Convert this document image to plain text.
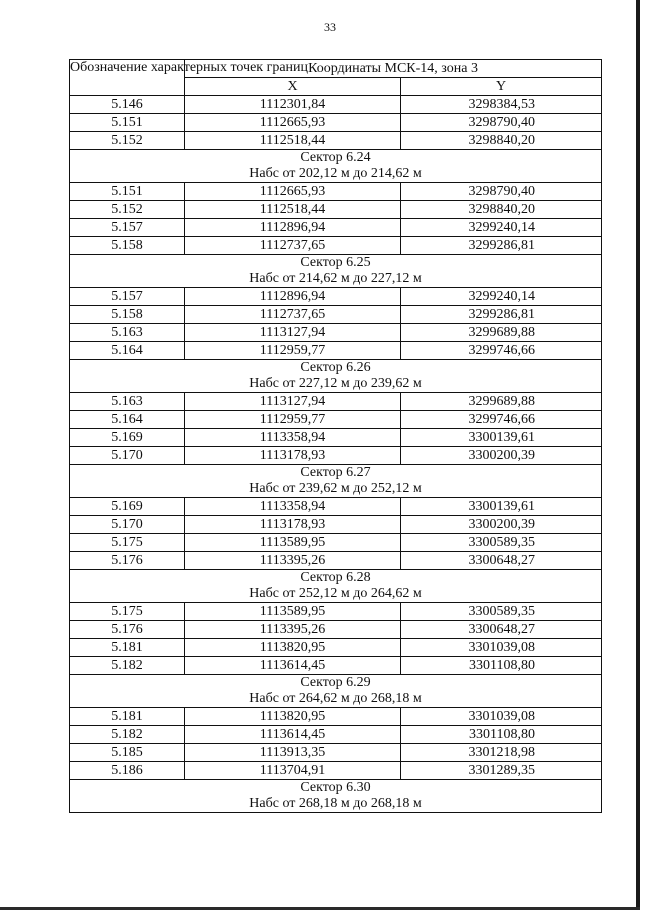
33
Обозначение характерных точек границ	Координаты МСК-14, зона 3	
	X	Y
5.146	1112301,84	3298384,53
5.151	1112665,93	3298790,40
5.152	1112518,44	3298840,20

Сектор 6.24
Набс от 202,12 м до 214,62 м		

5.151	1112665,93	3298790,40
5.152	1112518,44	3298840,20
5.157	1112896,94	3299240,14
5.158	1112737,65	3299286,81

Сектор 6.25
Набс от 214,62 м до 227,12 м		

5.157	1112896,94	3299240,14
5.158	1112737,65	3299286,81
5.163	1113127,94	3299689,88
5.164	1112959,77	3299746,66

Сектор 6.26
Набс от 227,12 м до 239,62 м		

5.163	1113127,94	3299689,88
5.164	1112959,77	3299746,66
5.169	1113358,94	3300139,61
5.170	1113178,93	3300200,39

Сектор 6.27
Набс от 239,62 м до 252,12 м		

5.169	1113358,94	3300139,61
5.170	1113178,93	3300200,39
5.175	1113589,95	3300589,35
5.176	1113395,26	3300648,27

Сектор 6.28
Набс от 252,12 м до 264,62 м		

5.175	1113589,95	3300589,35
5.176	1113395,26	3300648,27
5.181	1113820,95	3301039,08
5.182	1113614,45	3301108,80

Сектор 6.29
Набс от 264,62 м до 268,18 м		

5.181	1113820,95	3301039,08
5.182	1113614,45	3301108,80
5.185	1113913,35	3301218,98
5.186	1113704,91	3301289,35

Сектор 6.30
Набс от 268,18 м до 268,18 м		
